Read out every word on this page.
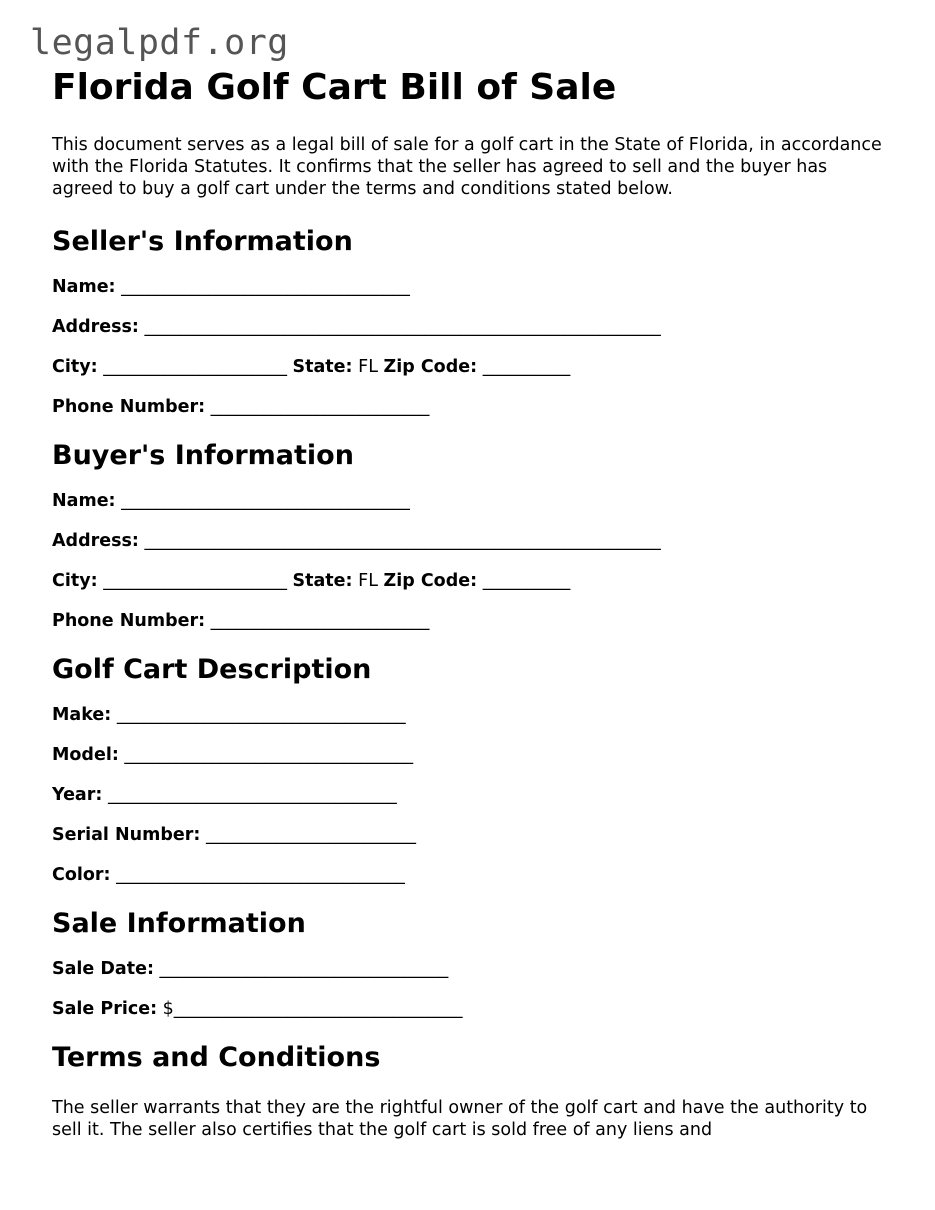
legalpdf.org
Florida Golf Cart Bill of Sale

This document serves as a legal bill of sale for a golf cart in the State of Florida, in accordance with the Florida Statutes. It confirms that the seller has agreed to sell and the buyer has agreed to buy a golf cart under the terms and conditions stated below.

Seller's Information
Name: _________________________________
Address: ___________________________________________________________
City: _____________________ State: FL Zip Code: __________
Phone Number: _________________________
Buyer's Information
Name: _________________________________
Address: ___________________________________________________________
City: _____________________ State: FL Zip Code: __________
Phone Number: _________________________
Golf Cart Description
Make: _________________________________
Model: _________________________________
Year: _________________________________
Serial Number: ________________________
Color: _________________________________
Sale Information
Sale Date: _________________________________
Sale Price: $_________________________________
Terms and Conditions

The seller warrants that they are the rightful owner of the golf cart and have the authority to sell it. The seller also certifies that the golf cart is sold free of any liens and
